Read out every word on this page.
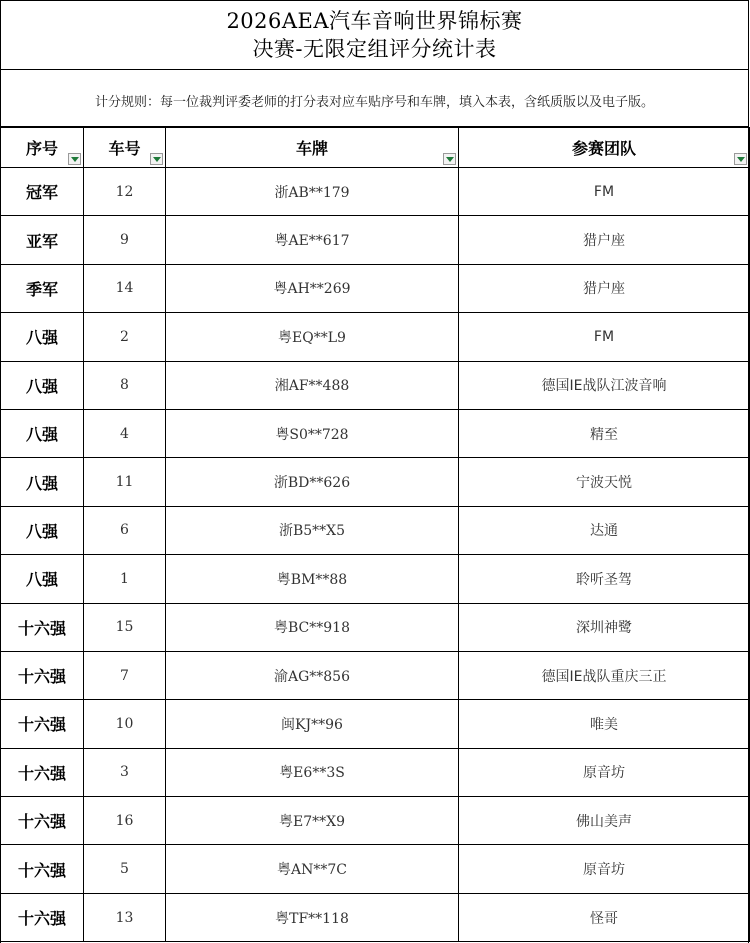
2026AEA汽车音响世界锦标赛
决赛-无限定组评分统计表
计分规则：每一位裁判评委老师的打分表对应车贴序号和车牌，填入本表，含纸质版以及电子版。
序号	车号	车牌	参赛团队

冠军	12	浙AB**179	FM
亚军	9	粤AE**617	猎户座
季军	14	粤AH**269	猎户座
八强	2	粤EQ**L9	FM
八强	8	湘AF**488	德国IE战队江波音响
八强	4	粤S0**728	精至
八强	11	浙BD**626	宁波天悦
八强	6	浙B5**X5	达通
八强	1	粤BM**88	聆听圣驾
十六强	15	粤BC**918	深圳神鹭
十六强	7	渝AG**856	德国IE战队重庆三正
十六强	10	闽KJ**96	唯美
十六强	3	粤E6**3S	原音坊
十六强	16	粤E7**X9	佛山美声
十六强	5	粤AN**7C	原音坊
十六强	13	粤TF**118	怪哥
